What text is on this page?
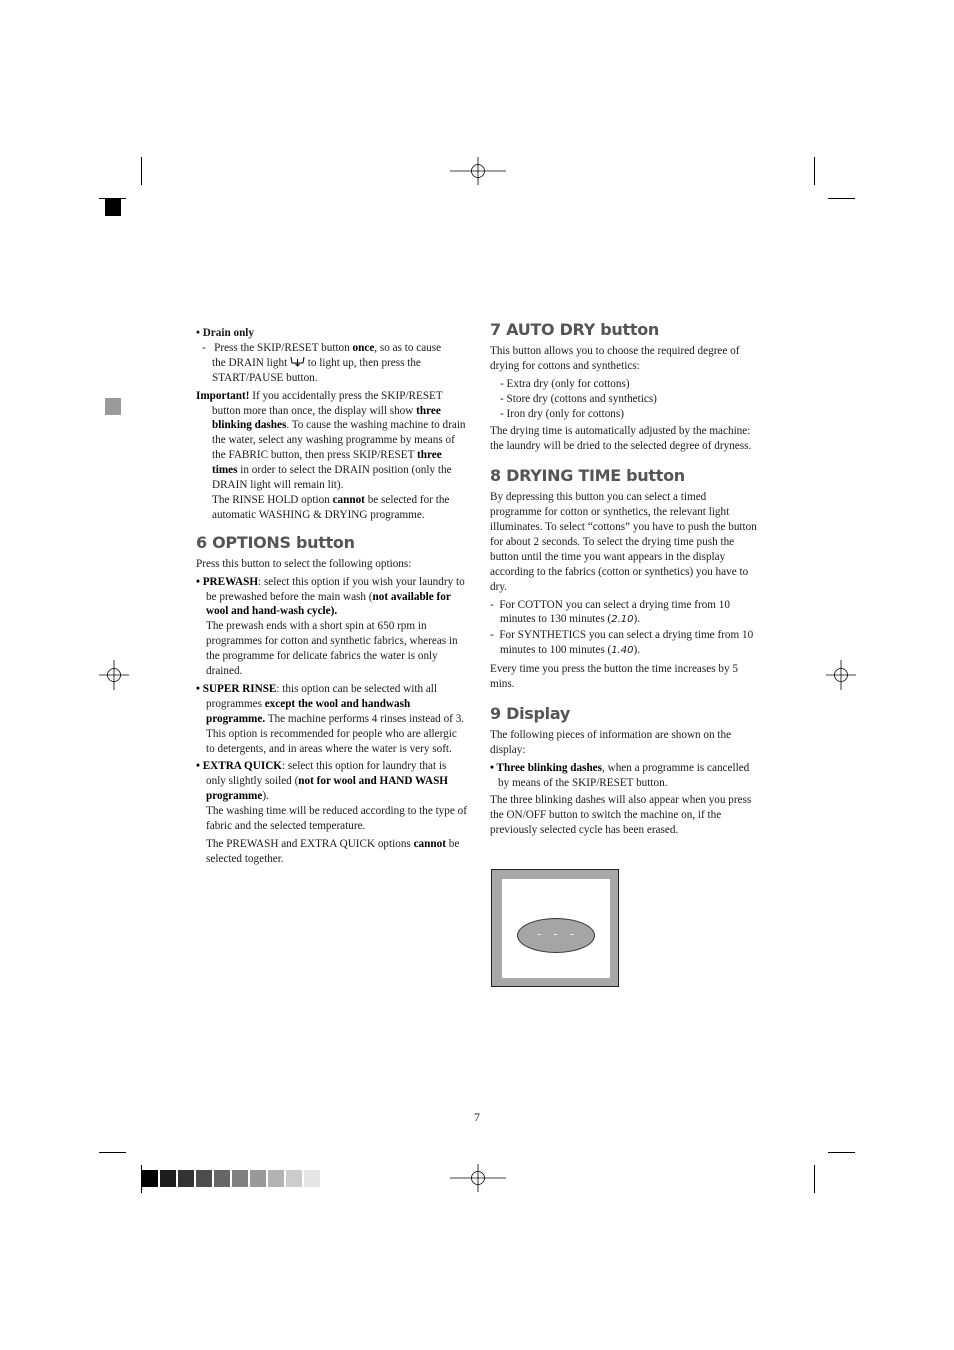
• Drain only

- Press the SKIP/RESET button once, so as to cause
the DRAIN light to light up, then press the
START/PAUSE button.

Important! If you accidentally press the SKIP/RESET button more than once, the display will show three blinking dashes. To cause the washing machine to drain the water, select any washing programme by means of the FABRIC button, then press SKIP/RESET three times in order to select the DRAIN position (only the DRAIN light will remain lit).

The RINSE HOLD option cannot be selected for the automatic WASHING & DRYING programme.

6 OPTIONS button

Press this button to select the following options:

• PREWASH: select this option if you wish your laundry to be prewashed before the main wash (not available for wool and hand-wash cycle).

The prewash ends with a short spin at 650 rpm in programmes for cotton and synthetic fabrics, whereas in the programme for delicate fabrics the water is only drained.

• SUPER RINSE: this option can be selected with all programmes except the wool and handwash programme. The machine performs 4 rinses instead of 3. This option is recommended for people who are allergic to detergents, and in areas where the water is very soft.

• EXTRA QUICK: select this option for laundry that is only slightly soiled (not for wool and HAND WASH programme).

The washing time will be reduced according to the type of fabric and the selected temperature.

The PREWASH and EXTRA QUICK options cannot be selected together.

7 AUTO DRY button

This button allows you to choose the required degree of drying for cottons and synthetics:

- Extra dry (only for cottons)

- Store dry (cottons and synthetics)

- Iron dry (only for cottons)

The drying time is automatically adjusted by the machine: the laundry will be dried to the selected degree of dryness.

8 DRYING TIME button

By depressing this button you can select a timed programme for cotton or synthetics, the relevant light illuminates. To select “cottons” you have to push the button for about 2 seconds. To select the drying time push the button until the time you want appears in the display according to the fabrics (cotton or synthetics) you have to dry.

-  For COTTON you can select a drying time from 10 minutes to 130 minutes (2.10).

-  For SYNTHETICS you can select a drying time from 10 minutes to 100 minutes (1.40).

Every time you press the button the time increases by 5 mins.

9 Display

The following pieces of information are shown on the display:

• Three blinking dashes, when a programme is cancelled by means of the SKIP/RESET button.

The three blinking dashes will also appear when you press the ON/OFF button to switch the machine on, if the previously selected cycle has been erased.

- - -
7
